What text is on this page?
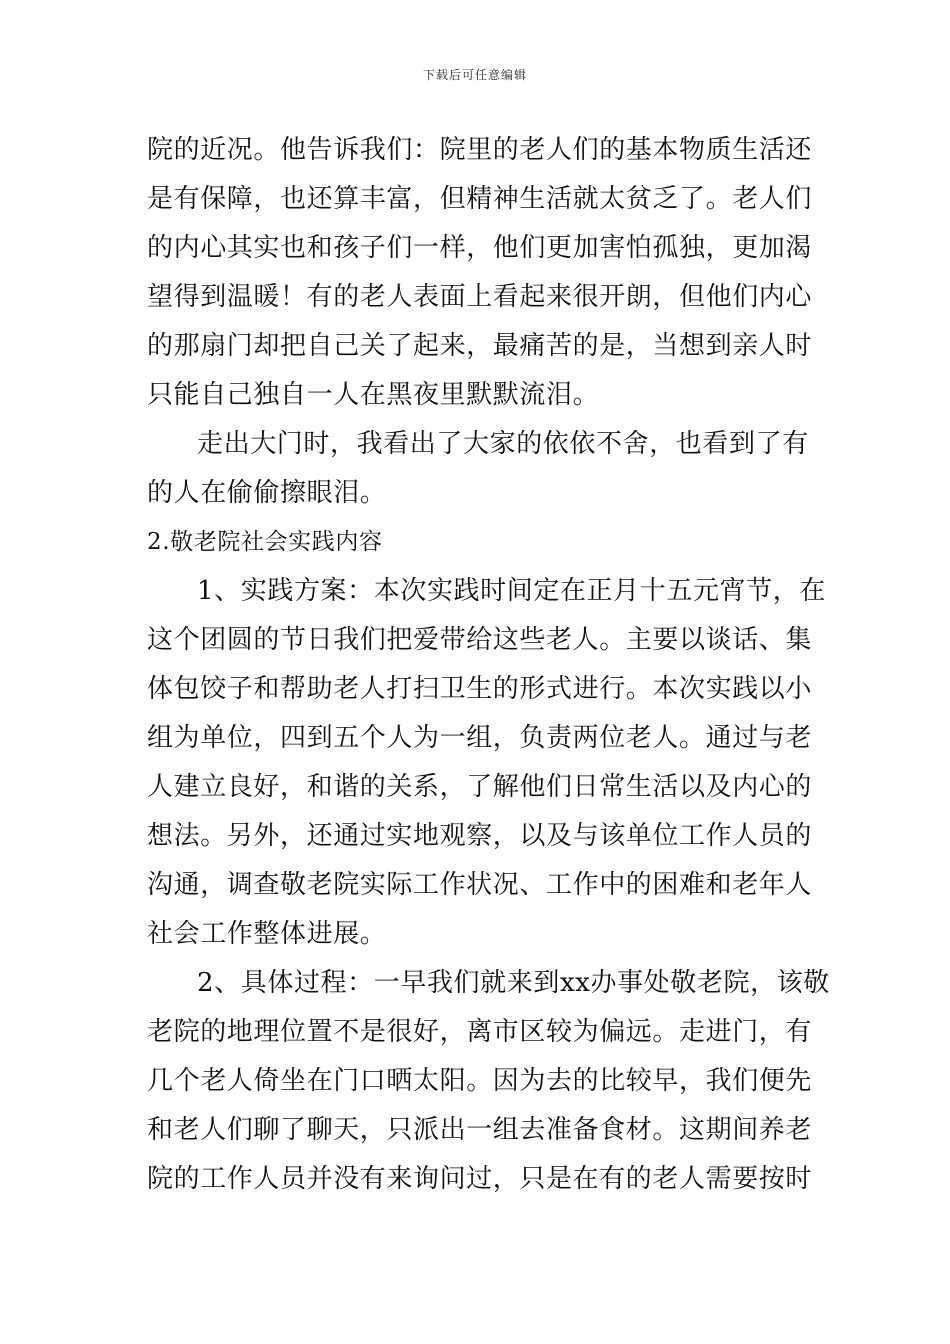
下载后可任意编辑
院的近况。他告诉我们：院里的老人们的基本物质生活还
是有保障，也还算丰富，但精神生活就太贫乏了。老人们
的内心其实也和孩子们一样，他们更加害怕孤独，更加渴
望得到温暖！有的老人表面上看起来很开朗，但他们内心
的那扇门却把自己关了起来，最痛苦的是，当想到亲人时
只能自己独自一人在黑夜里默默流泪。
走出大门时，我看出了大家的依依不舍，也看到了有
的人在偷偷擦眼泪。
2.敬老院社会实践内容
1、实践方案：本次实践时间定在正月十五元宵节，在
这个团圆的节日我们把爱带给这些老人。主要以谈话、集
体包饺子和帮助老人打扫卫生的形式进行。本次实践以小
组为单位，四到五个人为一组，负责两位老人。通过与老
人建立良好，和谐的关系，了解他们日常生活以及内心的
想法。另外，还通过实地观察，以及与该单位工作人员的
沟通，调查敬老院实际工作状况、工作中的困难和老年人
社会工作整体进展。
2、具体过程：一早我们就来到xx办事处敬老院，该敬
老院的地理位置不是很好，离市区较为偏远。走进门，有
几个老人倚坐在门口晒太阳。因为去的比较早，我们便先
和老人们聊了聊天，只派出一组去准备食材。这期间养老
院的工作人员并没有来询问过，只是在有的老人需要按时
